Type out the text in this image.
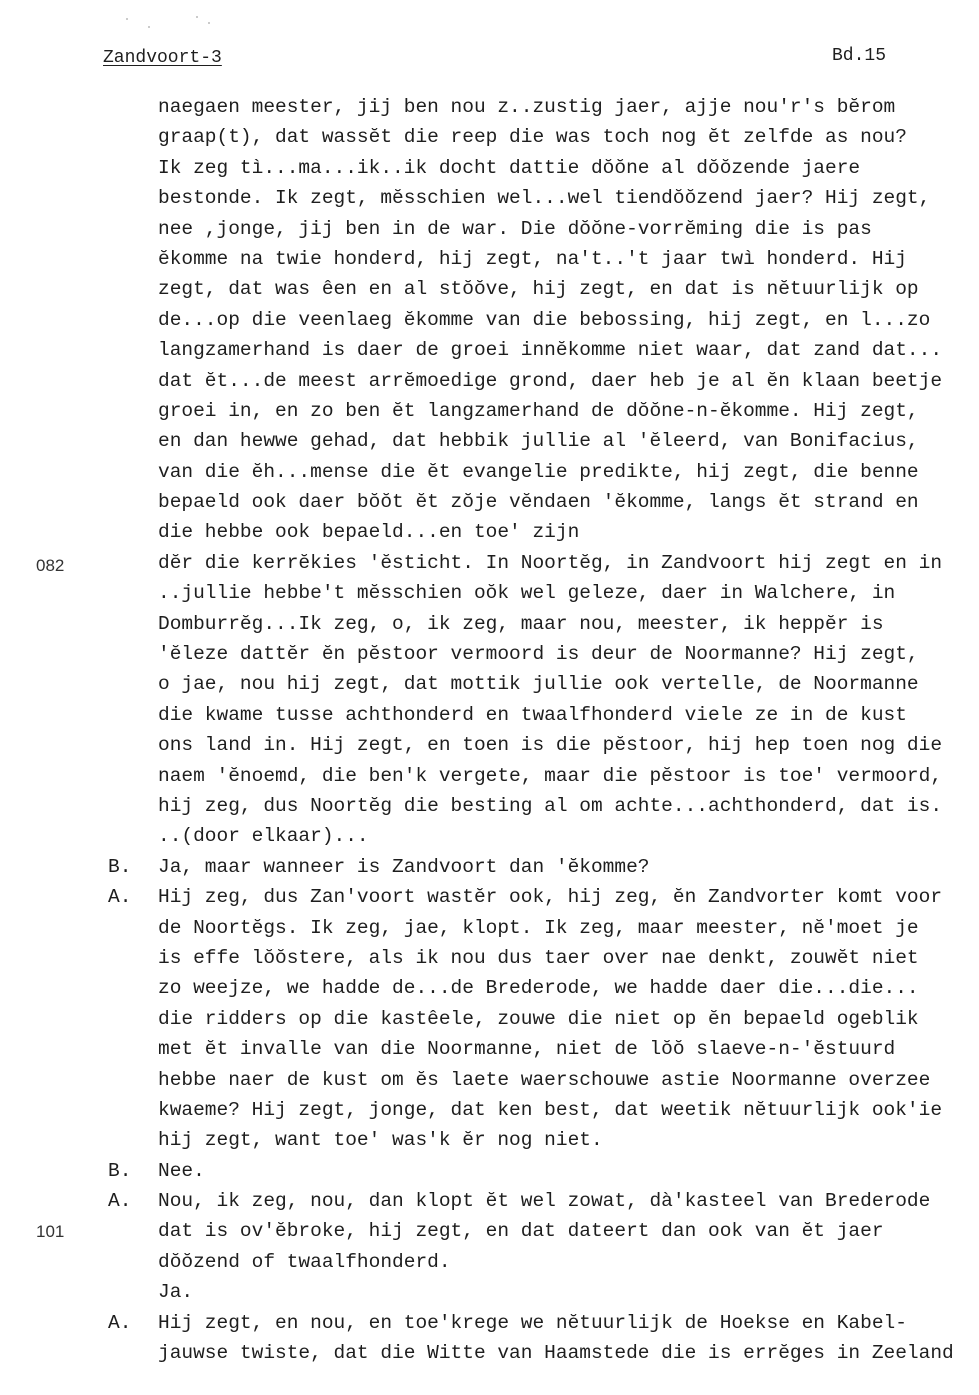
Zandvoort-3	Bd.15
082
101
naegaen meester, jij ben nou z..zustig jaer, ajje nou'r's bĕrom
graap(t), dat wassĕt die reep die was toch nog ĕt zelfde as nou?
Ik zeg tì...ma...ik..ik docht dattie dŏŏne al dŏŏzende jaere
bestonde. Ik zegt, mĕsschien wel...wel tiendŏŏzend jaer? Hij zegt,
nee ,jonge, jij ben in de war. Die dŏŏne-vorrĕming die is pas
ĕkomme na twie honderd, hij zegt, na't..'t jaar twì honderd. Hij
zegt, dat was êen en al stŏŏve, hij zegt, en dat is nĕtuurlijk op
de...op die veenlaeg ĕkomme van die bebossing, hij zegt, en l...zo
langzamerhand is daer de groei innĕkomme niet waar, dat zand dat...
dat ĕt...de meest arrĕmoedige grond, daer heb je al ĕn klaan beetje
groei in, en zo ben ĕt langzamerhand de dŏŏne-n-ĕkomme. Hij zegt,
en dan hewwe gehad, dat hebbik jullie al 'ĕleerd, van Bonifacius,
van die ĕh...mense die ĕt evangelie predikte, hij zegt, die benne
bepaeld ook daer bŏŏt ĕt zŏje vĕndaen 'ĕkomme, langs ĕt strand en
die hebbe ook bepaeld...en toe' zijn
dĕr die kerrĕkies 'ĕsticht. In Noortĕg, in Zandvoort hij zegt en in
..jullie hebbe't mĕsschien oŏk wel geleze, daer in Walchere, in
Domburrĕg...Ik zeg, o, ik zeg, maar nou, meester, ik heppĕr is
'ĕleze dattĕr ĕn pĕstoor vermoord is deur de Noormanne? Hij zegt,
o jae, nou hij zegt, dat mottik jullie ook vertelle, de Noormanne
die kwame tusse achthonderd en twaalfhonderd viele ze in de kust
ons land in. Hij zegt, en toen is die pĕstoor, hij hep toen nog die
naem 'ĕnoemd, die ben'k vergete, maar die pĕstoor is toe' vermoord,
hij zeg, dus Noortĕg die besting al om achte...achthonderd, dat is.
..(door elkaar)...
B.	Ja, maar wanneer is Zandvoort dan 'ĕkomme?
A.	Hij zeg, dus Zan'voort wastĕr ook, hij zeg, ĕn Zandvorter komt voor
de Noortĕgs. Ik zeg, jae, klopt. Ik zeg, maar meester, nĕ'moet je
is effe lŏŏstere, als ik nou dus taer over nae denkt, zouwĕt niet
zo weejze, we hadde de...de Brederode, we hadde daer die...die...
die ridders op die kastêele, zouwe die niet op ĕn bepaeld ogeblik
met ĕt invalle van die Noormanne, niet de lŏŏ slaeve-n-'ĕstuurd
hebbe naer de kust om ĕs laete waerschouwe astie Noormanne overzee
kwaeme? Hij zegt, jonge, dat ken best, dat weetik nĕtuurlijk ook'ie
hij zegt, want toe' was'k ĕr nog niet.
B.	Nee.
A.	Nou, ik zeg, nou, dan klopt ĕt wel zowat, dà'kasteel van Brederode
dat is ov'ĕbroke, hij zegt, en dat dateert dan ook van ĕt jaer
dŏŏzend of twaalfhonderd.
Ja.
A.	Hij zegt, en nou, en toe'krege we nĕtuurlijk de Hoekse en Kabel-
jauwse twiste, dat die Witte van Haamstede die is errĕges in Zeeland
